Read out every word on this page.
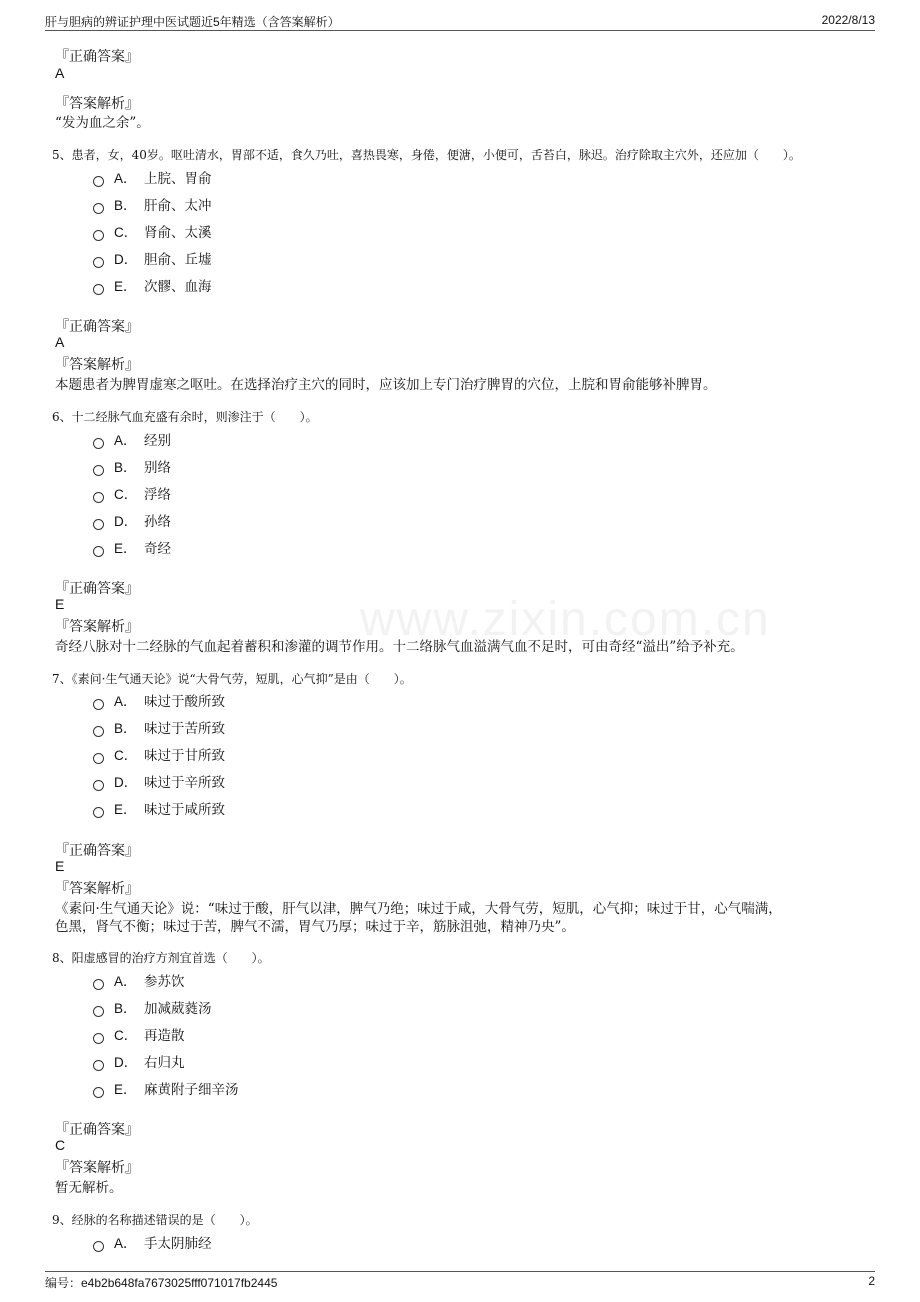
肝与胆病的辨证护理中医试题近5年精选（含答案解析）	2022/8/13
www.zixin.com.cn
『正确答案』
A
『答案解析』
“发为血之余”。
5、患者，女，40岁。呕吐清水，胃部不适，食久乃吐，喜热畏寒，身倦，便溏，小便可，舌苔白，脉迟。治疗除取主穴外，还应加（　　）。
A． 上脘、胃俞
B． 肝俞、太冲
C． 肾俞、太溪
D． 胆俞、丘墟
E． 次髎、血海
『正确答案』
A
『答案解析』
本题患者为脾胃虚寒之呕吐。在选择治疗主穴的同时，应该加上专门治疗脾胃的穴位，上脘和胃俞能够补脾胃。
6、十二经脉气血充盛有余时，则渗注于（　　）。
A． 经别
B． 别络
C． 浮络
D． 孙络
E． 奇经
『正确答案』
E
『答案解析』
奇经八脉对十二经脉的气血起着蓄积和渗灌的调节作用。十二络脉气血溢满气血不足时，可由奇经“溢出”给予补充。
7、《素问·生气通天论》说“大骨气劳，短肌，心气抑”是由（　　）。
A． 味过于酸所致
B． 味过于苦所致
C． 味过于甘所致
D． 味过于辛所致
E． 味过于咸所致
『正确答案』
E
『答案解析』
《素问·生气通天论》说：“味过于酸，肝气以津，脾气乃绝；味过于咸，大骨气劳，短肌，心气抑；味过于甘，心气喘满，
色黑，肾气不衡；味过于苦，脾气不濡，胃气乃厚；味过于辛，筋脉沮弛，精神乃央”。
8、阳虚感冒的治疗方剂宜首选（　　）。
A． 参苏饮
B． 加减葳蕤汤
C． 再造散
D． 右归丸
E． 麻黄附子细辛汤
『正确答案』
C
『答案解析』
暂无解析。
9、经脉的名称描述错误的是（　　）。
A． 手太阴肺经
编号：e4b2b648fa7673025fff071017fb2445	2
